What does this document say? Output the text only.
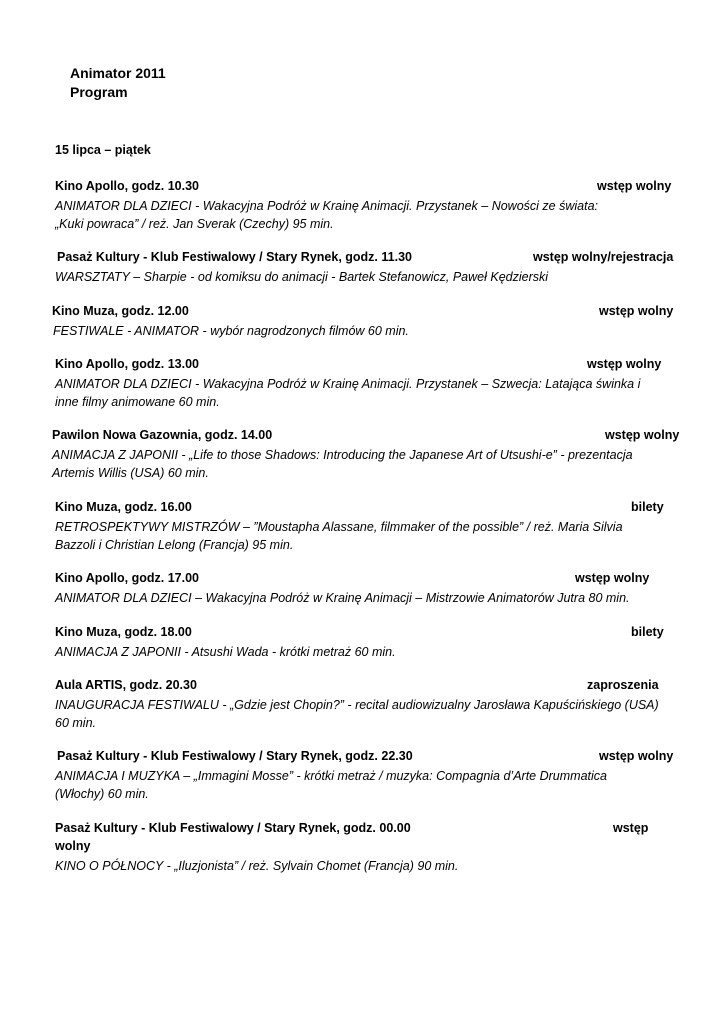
Animator 2011
Program
15 lipca – piątek
Kino Apollo, godz. 10.30	wstęp wolny
ANIMATOR DLA DZIECI - Wakacyjna Podróż w Krainę Animacji. Przystanek – Nowości ze świata:
„Kuki powraca” / reż. Jan Sverak (Czechy) 95 min.
Pasaż Kultury - Klub Festiwalowy / Stary Rynek, godz. 11.30	wstęp wolny/rejestracja
WARSZTATY – Sharpie - od komiksu do animacji - Bartek Stefanowicz, Paweł Kędzierski
Kino Muza, godz. 12.00	wstęp wolny
FESTIWALE - ANIMATOR - wybór nagrodzonych filmów 60 min.
Kino Apollo, godz. 13.00	wstęp wolny
ANIMATOR DLA DZIECI - Wakacyjna Podróż w Krainę Animacji. Przystanek – Szwecja: Latająca świnka i
inne filmy animowane 60 min.
Pawilon Nowa Gazownia, godz. 14.00	wstęp wolny
ANIMACJA Z JAPONII - „Life to those Shadows: Introducing the Japanese Art of Utsushi-e” - prezentacja
Artemis Willis (USA) 60 min.
Kino Muza, godz. 16.00	bilety
RETROSPEKTYWY MISTRZÓW – ”Moustapha Alassane, filmmaker of the possible” / reż. Maria Silvia
Bazzoli i Christian Lelong (Francja) 95 min.
Kino Apollo, godz. 17.00	wstęp wolny
ANIMATOR DLA DZIECI – Wakacyjna Podróż w Krainę Animacji – Mistrzowie Animatorów Jutra 80 min.
Kino Muza, godz. 18.00	bilety
ANIMACJA Z JAPONII - Atsushi Wada - krótki metraż 60 min.
Aula ARTIS, godz. 20.30	zaproszenia
INAUGURACJA FESTIWALU - „Gdzie jest Chopin?” - recital audiowizualny Jarosława Kapuścińskiego (USA)
60 min.
Pasaż Kultury - Klub Festiwalowy / Stary Rynek, godz. 22.30	wstęp wolny
ANIMACJA I MUZYKA – „Immagini Mosse” - krótki metraż / muzyka: Compagnia d’Arte Drummatica
(Włochy) 60 min.
Pasaż Kultury - Klub Festiwalowy / Stary Rynek, godz. 00.00	wstęp
wolny
KINO O PÓŁNOCY - „Iluzjonista” / reż. Sylvain Chomet (Francja) 90 min.
